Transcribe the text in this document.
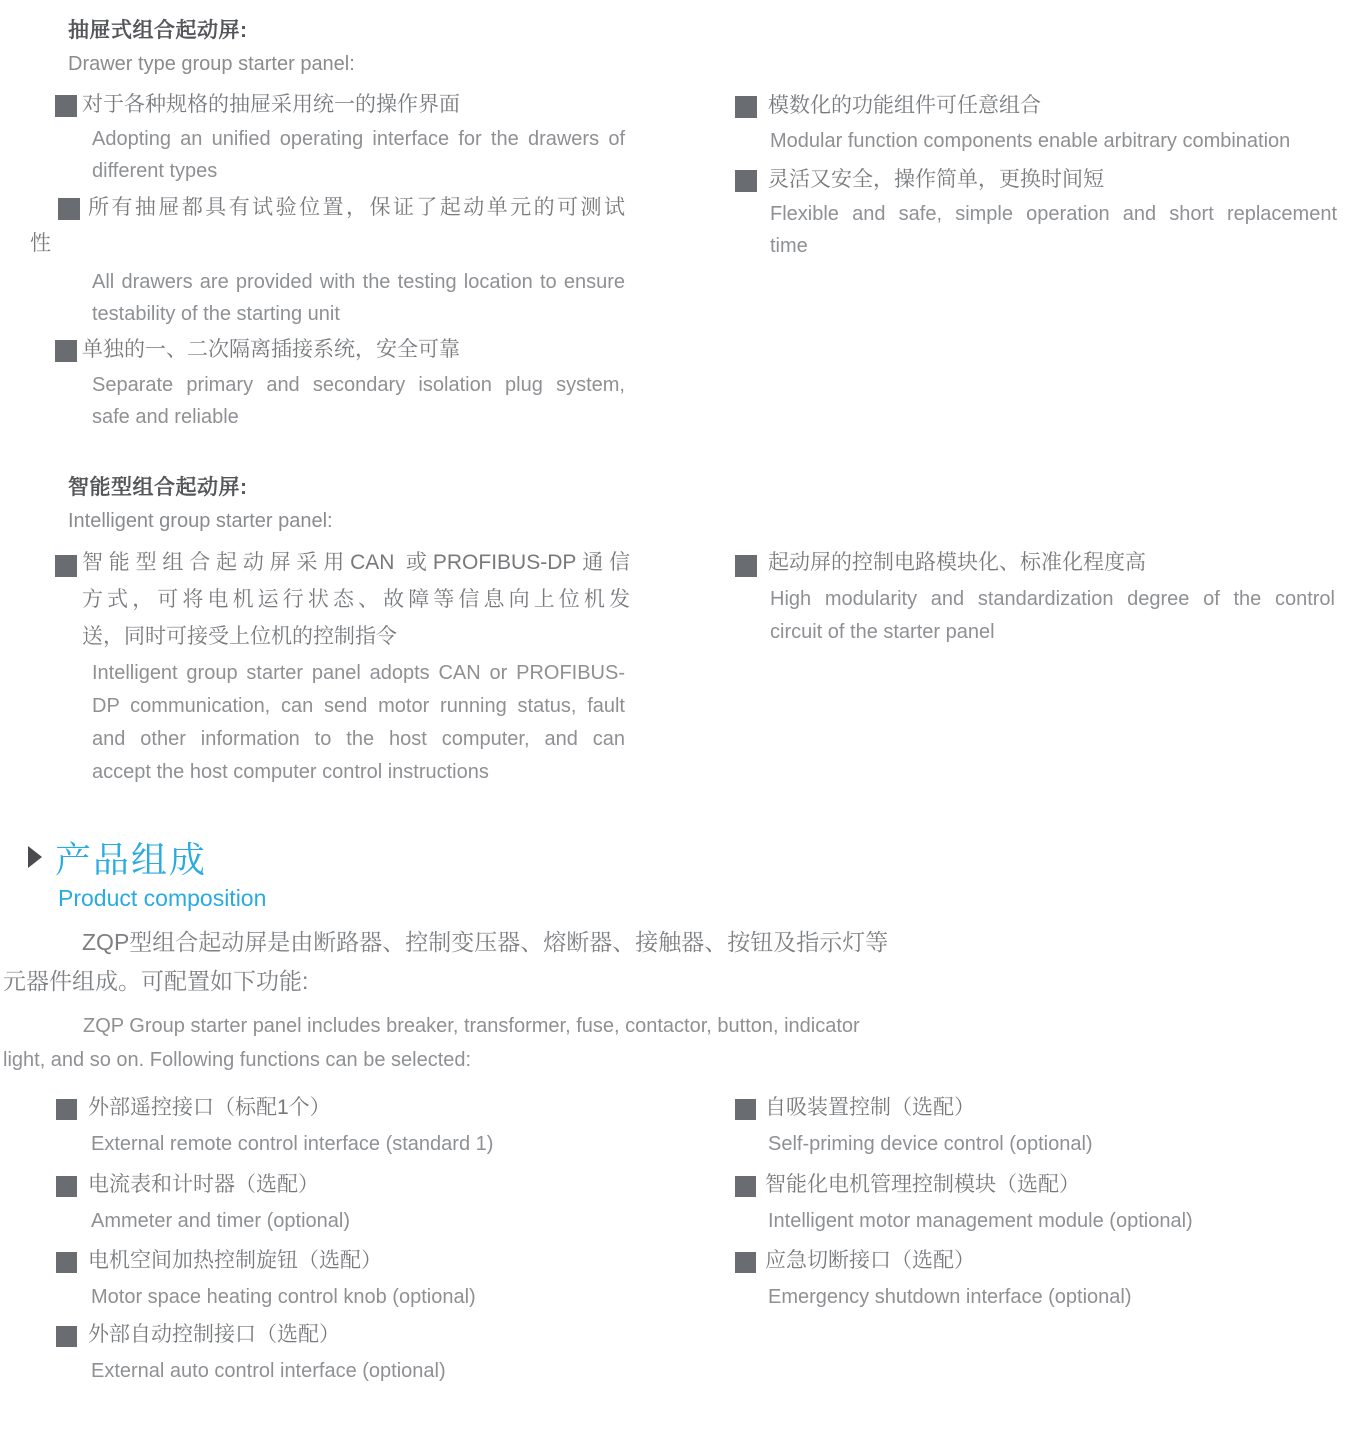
抽屉式组合起动屏:
Drawer type group starter panel:
对于各种规格的抽屉采用统一的操作界面
Adopting an unified operating interface for the drawers of
different types
所有抽屉都具有试验位置，保证了起动单元的可测试
性
All drawers are provided with the testing location to ensure
testability of the starting unit
单独的一、二次隔离插接系统，安全可靠
Separate primary and secondary isolation plug system,
safe and reliable
模数化的功能组件可任意组合
Modular function components enable arbitrary combination
灵活又安全，操作简单，更换时间短
Flexible and safe, simple operation and short replacement
time
智能型组合起动屏:
Intelligent group starter panel:
智能型组合起动屏采用CAN 或PROFIBUS-DP通信
方式，可将电机运行状态、故障等信息向上位机发
送，同时可接受上位机的控制指令
Intelligent group starter panel adopts CAN or PROFIBUS-
DP communication, can send motor running status, fault
and other information to the host computer, and can
accept the host computer control instructions
起动屏的控制电路模块化、标准化程度高
High modularity and standardization degree of the control
circuit of the starter panel
产品组成
Product composition
ZQP型组合起动屏是由断路器、控制变压器、熔断器、接触器、按钮及指示灯等
元器件组成。可配置如下功能:
ZQP Group starter panel includes breaker, transformer, fuse, contactor, button, indicator
light, and so on. Following functions can be selected:
外部遥控接口（标配1个）
External remote control interface (standard 1)
电流表和计时器（选配）
Ammeter and timer (optional)
电机空间加热控制旋钮（选配）
Motor space heating control knob (optional)
外部自动控制接口（选配）
External auto control interface (optional)
自吸装置控制（选配）
Self-priming device control (optional)
智能化电机管理控制模块（选配）
Intelligent motor management module (optional)
应急切断接口（选配）
Emergency shutdown interface (optional)
